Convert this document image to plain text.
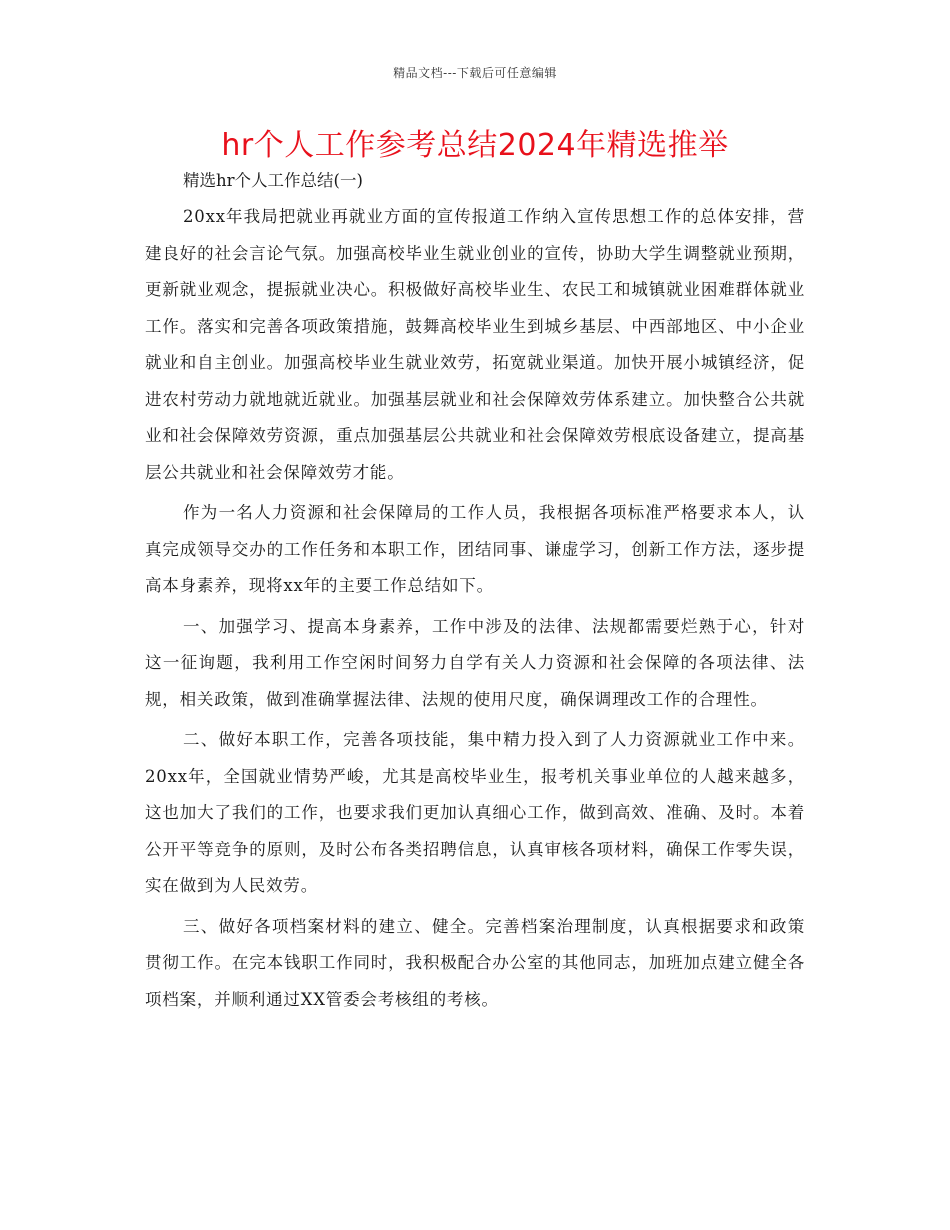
精品文档---下载后可任意编辑
hr个人工作参考总结2024年精选推举

精选hr个人工作总结(一)

20xx年我局把就业再就业方面的宣传报道工作纳入宣传思想工作的总体安排，营建良好的社会言论气氛。加强高校毕业生就业创业的宣传，协助大学生调整就业预期，更新就业观念，提振就业决心。积极做好高校毕业生、农民工和城镇就业困难群体就业工作。落实和完善各项政策措施，鼓舞高校毕业生到城乡基层、中西部地区、中小企业就业和自主创业。加强高校毕业生就业效劳，拓宽就业渠道。加快开展小城镇经济，促进农村劳动力就地就近就业。加强基层就业和社会保障效劳体系建立。加快整合公共就业和社会保障效劳资源，重点加强基层公共就业和社会保障效劳根底设备建立，提高基层公共就业和社会保障效劳才能。

作为一名人力资源和社会保障局的工作人员，我根据各项标准严格要求本人，认真完成领导交办的工作任务和本职工作，团结同事、谦虚学习，创新工作方法，逐步提高本身素养，现将xx年的主要工作总结如下。

一、加强学习、提高本身素养，工作中涉及的法律、法规都需要烂熟于心，针对这一征询题，我利用工作空闲时间努力自学有关人力资源和社会保障的各项法律、法规，相关政策，做到准确掌握法律、法规的使用尺度，确保调理改工作的合理性。

二、做好本职工作，完善各项技能，集中精力投入到了人力资源就业工作中来。20xx年，全国就业情势严峻，尤其是高校毕业生，报考机关事业单位的人越来越多，这也加大了我们的工作，也要求我们更加认真细心工作，做到高效、准确、及时。本着公开平等竞争的原则，及时公布各类招聘信息，认真审核各项材料，确保工作零失误，实在做到为人民效劳。

三、做好各项档案材料的建立、健全。完善档案治理制度，认真根据要求和政策贯彻工作。在完本钱职工作同时，我积极配合办公室的其他同志，加班加点建立健全各项档案，并顺利通过XX管委会考核组的考核。
